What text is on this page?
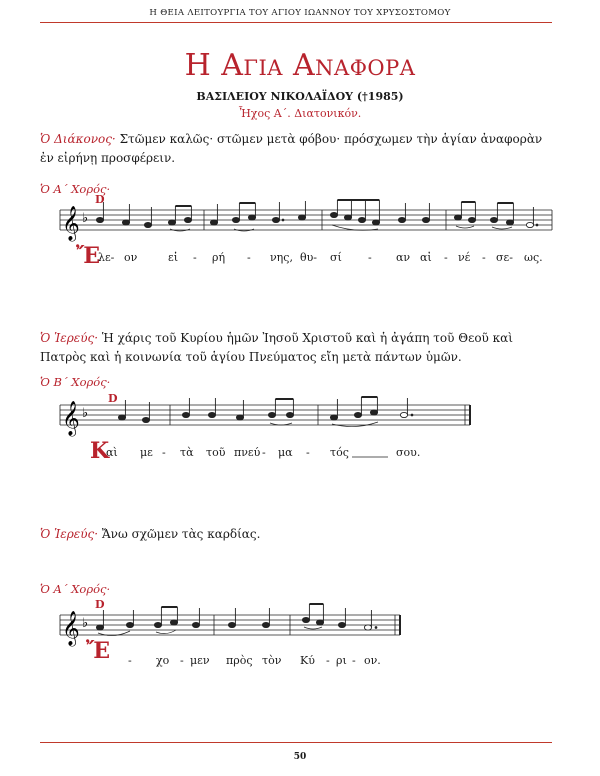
Η ΘΕΙΑ ΛΕΙΤΟΥΡΓΙΑ ΤΟΥ ΑΓΙΟΥ ΙΩΑΝΝΟΥ ΤΟΥ ΧΡΥΣΟΣΤΟΜΟΥ
Η Αγια Αναφορα
ΒΑΣΙΛΕΙΟΥ ΝΙΚΟΛΑΪΔΟΥ (†1985)
Ἦχος Α΄. Διατονικόν.
Ὁ Διάκονος· Στῶμεν καλῶς· στῶμεν μετὰ φόβου· πρόσχωμεν τὴν ἁγίαν ἀναφορὰν ἐν εἰρήνῃ προσφέρειν.
Ὁ Α΄ Χορός·
𝄞 ♭
D
Ἔ
λε- ον	εἰ - ρή - νης, θυ- σί - αν αἰ - νέ - σε- ως.
Ὁ Ἱερεύς· Ἡ χάρις τοῦ Κυρίου ἡμῶν Ἰησοῦ Χριστοῦ καὶ ἡ ἀγάπη τοῦ Θεοῦ καὶ Πατρὸς καὶ ἡ κοινωνία τοῦ ἁγίου Πνεύματος εἴη μετὰ πάντων ὑμῶν.
Ὁ Β΄ Χορός·
𝄞 ♭
D
Κ
αὶ με - τὰ τοῦ πνεύ - μα - τός	σου.
Ὁ Ἱερεύς· Ἄνω σχῶμεν τὰς καρδίας.
Ὁ Α΄ Χορός·
𝄞 ♭
D
Ἔ - χο - μεν πρὸς τὸν Κύ - ρι - ον.
50
